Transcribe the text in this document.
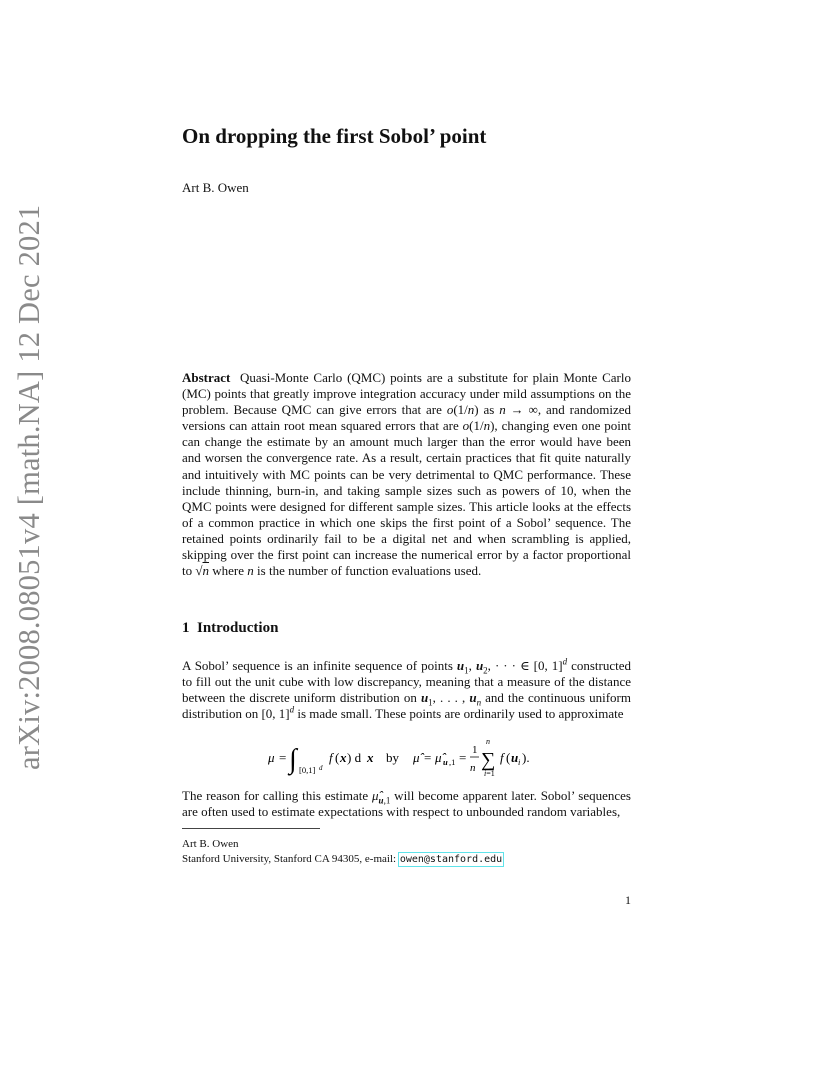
On dropping the first Sobol’ point
Art B. Owen
arXiv:2008.08051v4 [math.NA] 12 Dec 2021	Abstract Quasi-Monte Carlo (QMC) points are a substitute for plain Monte Carlo (MC) points that greatly improve integration accuracy under mild assumptions on the problem. Because QMC can give errors that are o(1/n) as n → ∞, and randomized versions can attain root mean squared errors that are o(1/n), changing even one point can change the estimate by an amount much larger than the error would have been and worsen the convergence rate. As a result, certain practices that fit quite naturally and intuitively with MC points can be very detrimental to QMC performance. These include thinning, burn-in, and taking sample sizes such as powers of 10, when the QMC points were designed for different sample sizes. This article looks at the effects of a common practice in which one skips the first point of a Sobol’ sequence. The retained points ordinarily fail to be a digital net and when scrambling is applied, skipping over the first point can increase the numerical error by a factor proportional to √n where n is the number of function evaluations used.
1 Introduction
A Sobol’ sequence is an infinite sequence of points $u_1$, $u_2$, · · · ∈ [0, 1]$^d$ constructed to fill out the unit cube with low discrepancy, meaning that a measure of the distance between the discrete uniform distribution on $u_1$, . . . , $u_n$ and the continuous uniform distribution on [0, 1]$^d$ is made small. These points are ordinarily used to approximate
μ = ∫ [0,1] d
f ( x ) d x by μ̂ = μ̂ u ,1 = 1
n
n
∑
i=1
f ( u i ).
The reason for calling this estimate $\mû_{u,1}$ will become apparent later. Sobol’ sequences are often used to estimate expectations with respect to unbounded random variables,
Art B. Owen
Stanford University, Stanford CA 94305, e-mail: owen@stanford.edu
1
